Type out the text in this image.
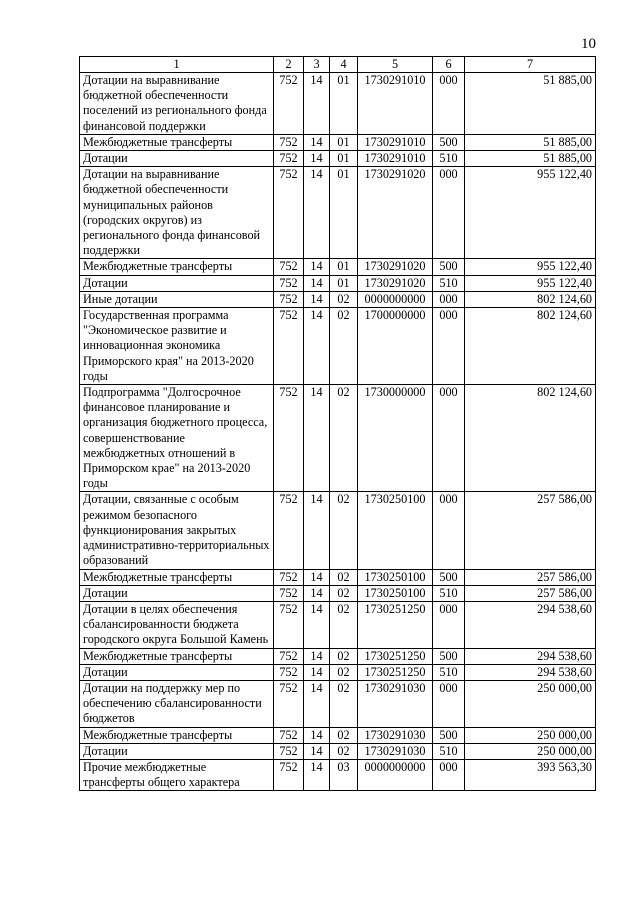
10
1	2	3	4	5	6	7
Дотации на выравнивание бюджетной обеспеченности поселений из регионального фонда финансовой поддержки	752	14	01	1730291010	000	51 885,00
Межбюджетные трансферты	752	14	01	1730291010	500	51 885,00
Дотации	752	14	01	1730291010	510	51 885,00
Дотации на выравнивание бюджетной обеспеченности муниципальных районов (городских округов) из регионального фонда финансовой поддержки	752	14	01	1730291020	000	955 122,40
Межбюджетные трансферты	752	14	01	1730291020	500	955 122,40
Дотации	752	14	01	1730291020	510	955 122,40
Иные дотации	752	14	02	0000000000	000	802 124,60
Государственная программа "Экономическое развитие и инновационная экономика Приморского края" на 2013-2020 годы	752	14	02	1700000000	000	802 124,60
Подпрограмма "Долгосрочное финансовое планирование и организация бюджетного процесса, совершенствование межбюджетных отношений в Приморском крае" на 2013-2020 годы	752	14	02	1730000000	000	802 124,60
Дотации, связанные с особым режимом безопасного функционирования закрытых административно-территориальных образований	752	14	02	1730250100	000	257 586,00
Межбюджетные трансферты	752	14	02	1730250100	500	257 586,00
Дотации	752	14	02	1730250100	510	257 586,00
Дотации в целях обеспечения сбалансированности бюджета городского округа Большой Камень	752	14	02	1730251250	000	294 538,60
Межбюджетные трансферты	752	14	02	1730251250	500	294 538,60
Дотации	752	14	02	1730251250	510	294 538,60
Дотации на поддержку мер по обеспечению сбалансированности бюджетов	752	14	02	1730291030	000	250 000,00
Межбюджетные трансферты	752	14	02	1730291030	500	250 000,00
Дотации	752	14	02	1730291030	510	250 000,00
Прочие межбюджетные трансферты общего характера	752	14	03	0000000000	000	393 563,30
